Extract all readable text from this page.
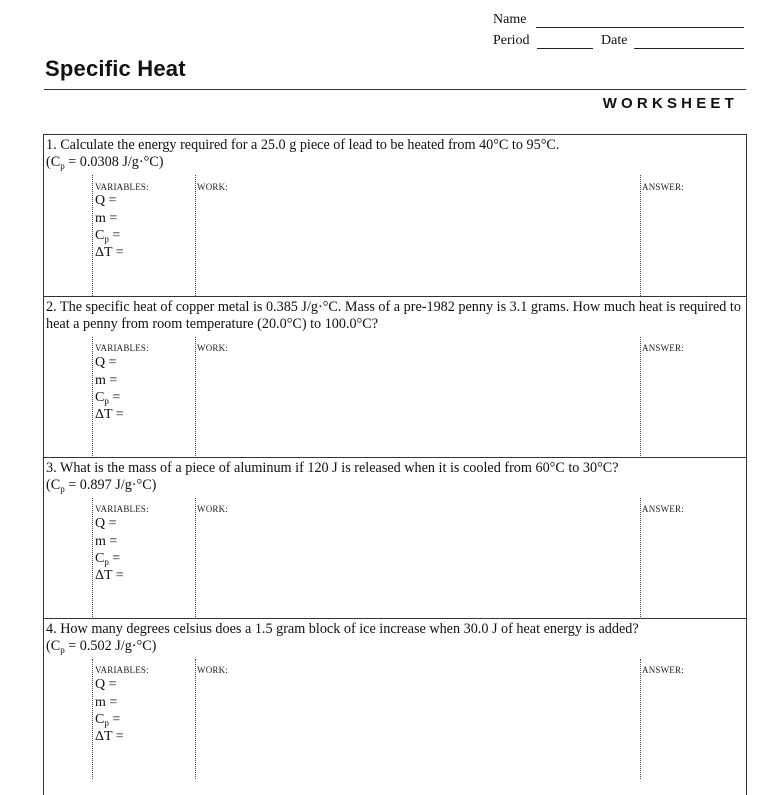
Name
Period	Date
Specific Heat
WORKSHEET
1. Calculate the energy required for a 25.0 g piece of lead to be heated from 40°C to 95°C.
($C_p = 0.0308$ J/g·°C)
VARIABLES:	WORK:	ANSWER:
Q =
m =
$C_p$ =
ΔT =
2. The specific heat of copper metal is 0.385 J/g·°C. Mass of a pre-1982 penny is 3.1 grams. How much heat is required to heat a penny from room temperature (20.0°C) to 100.0°C?
VARIABLES:	WORK:	ANSWER:
Q =
m =
$C_p$ =
ΔT =
3. What is the mass of a piece of aluminum if 120 J is released when it is cooled from 60°C to 30°C?
($C_p = 0.897$ J/g·°C)
VARIABLES:	WORK:	ANSWER:
Q =
m =
$C_p$ =
ΔT =
4. How many degrees celsius does a 1.5 gram block of ice increase when 30.0 J of heat energy is added?
($C_p = 0.502$ J/g·°C)
VARIABLES:	WORK:	ANSWER:
Q =
m =
$C_p$ =
ΔT =
